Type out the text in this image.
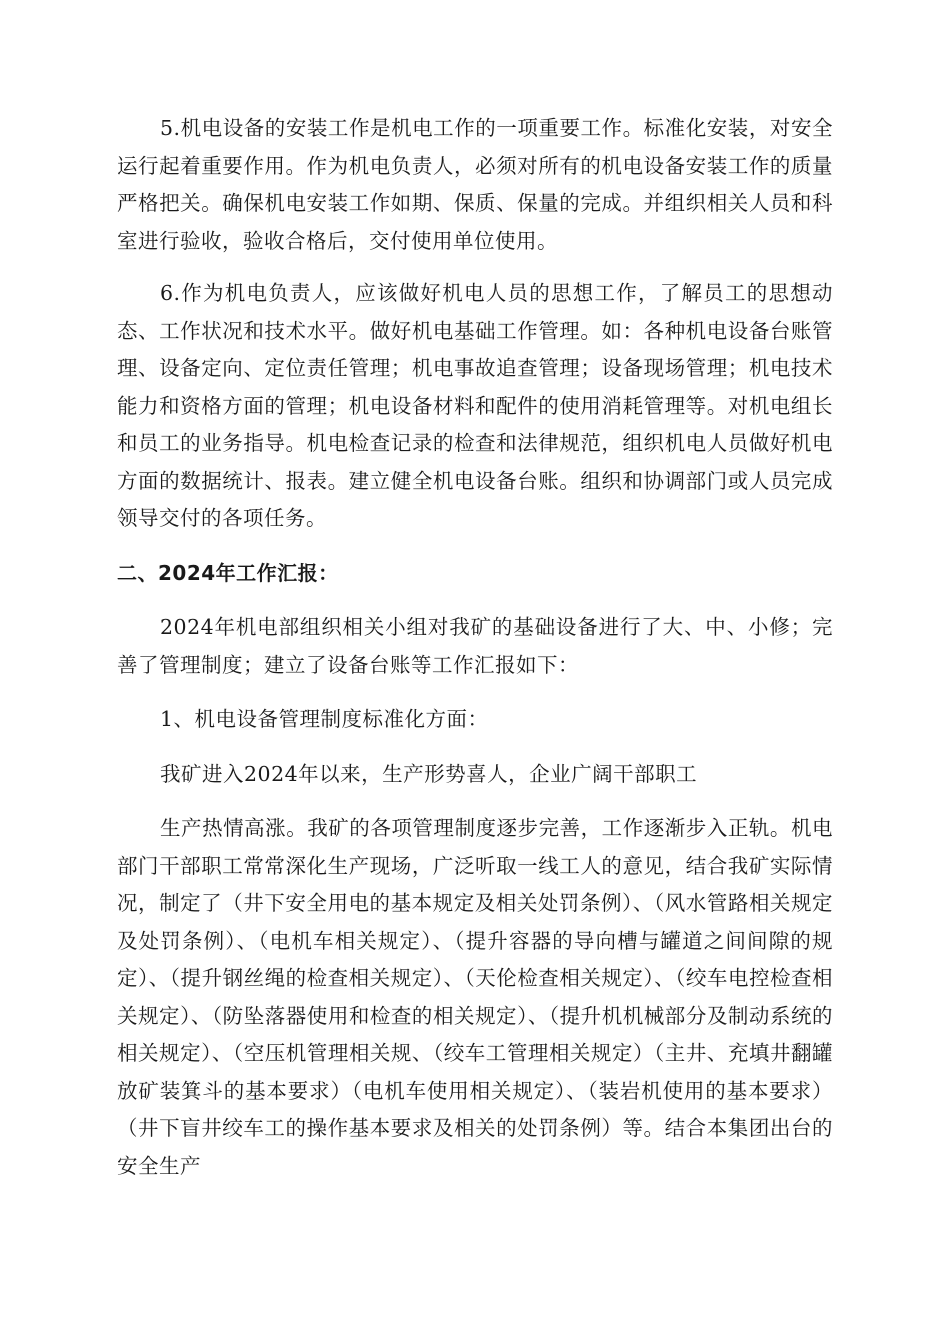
5.机电设备的安装工作是机电工作的一项重要工作。标准化安装，对安全运行起着重要作用。作为机电负责人，必须对所有的机电设备安装工作的质量严格把关。确保机电安装工作如期、保质、保量的完成。并组织相关人员和科室进行验收，验收合格后，交付使用单位使用。

6.作为机电负责人，应该做好机电人员的思想工作，了解员工的思想动态、工作状况和技术水平。做好机电基础工作管理。如：各种机电设备台账管理、设备定向、定位责任管理；机电事故追查管理；设备现场管理；机电技术能力和资格方面的管理；机电设备材料和配件的使用消耗管理等。对机电组长和员工的业务指导。机电检查记录的检查和法律规范，组织机电人员做好机电方面的数据统计、报表。建立健全机电设备台账。组织和协调部门或人员完成领导交付的各项任务。

二、2024年工作汇报：

2024年机电部组织相关小组对我矿的基础设备进行了大、中、小修；完善了管理制度；建立了设备台账等工作汇报如下：

1、机电设备管理制度标准化方面：

我矿进入2024年以来，生产形势喜人，企业广阔干部职工

生产热情高涨。我矿的各项管理制度逐步完善，工作逐渐步入正轨。机电部门干部职工常常深化生产现场，广泛听取一线工人的意见，结合我矿实际情况，制定了（井下安全用电的基本规定及相关处罚条例）、（风水管路相关规定及处罚条例）、（电机车相关规定）、（提升容器的导向槽与罐道之间间隙的规定）、（提升钢丝绳的检查相关规定）、（天伦检查相关规定）、（绞车电控检查相关规定）、（防坠落器使用和检查的相关规定）、（提升机机械部分及制动系统的相关规定）、（空压机管理相关规、（绞车工管理相关规定）（主井、充填井翻罐放矿装箕斗的基本要求）（电机车使用相关规定）、（装岩机使用的基本要求）（井下盲井绞车工的操作基本要求及相关的处罚条例）等。结合本集团出台的安全生产
